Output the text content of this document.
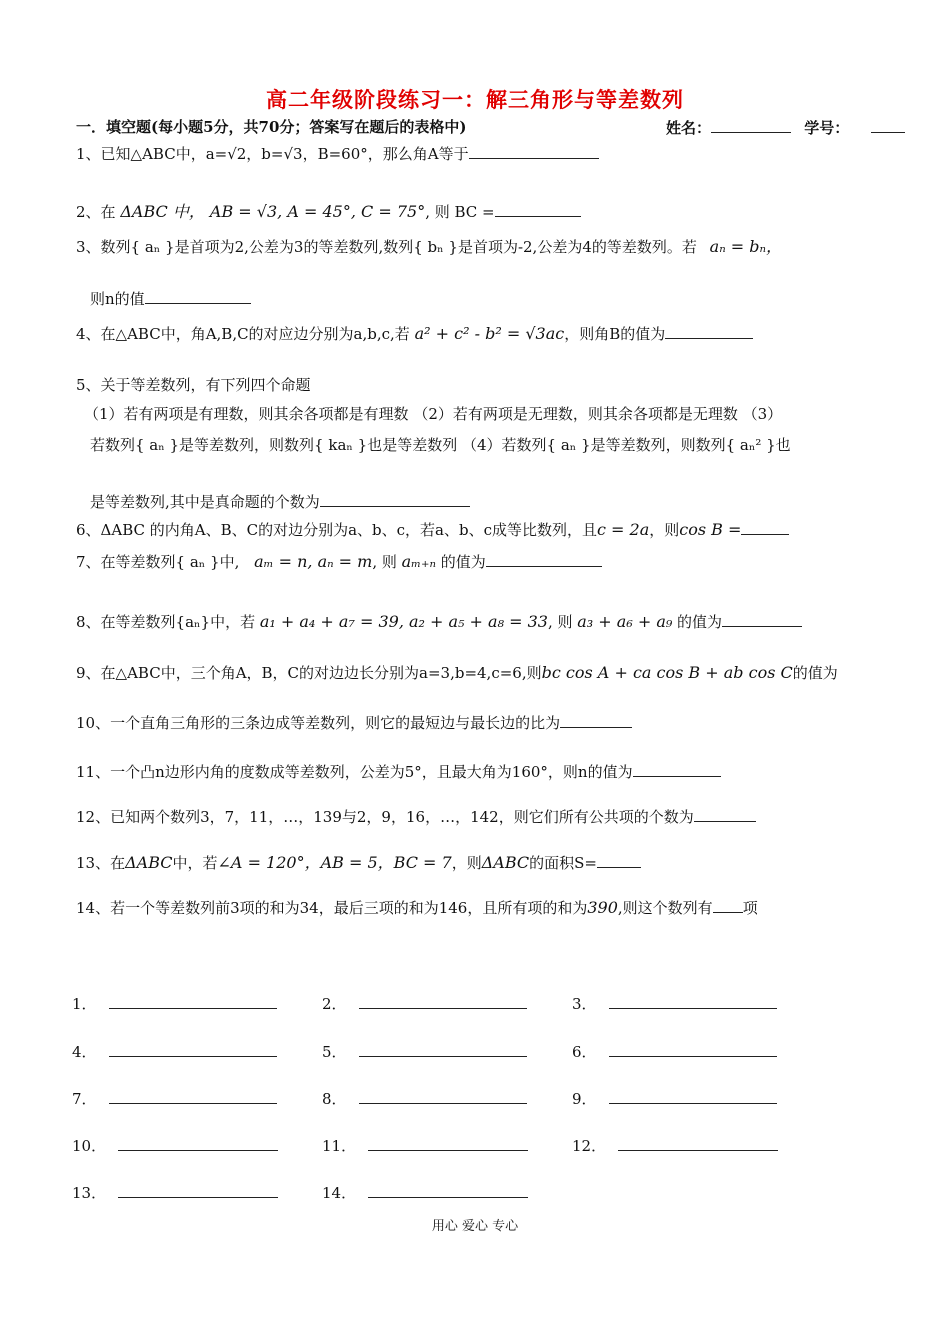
高二年级阶段练习一：解三角形与等差数列
一．填空题(每小题5分，共70分；答案写在题后的表格中)	姓名：	学号：
1、已知△ABC中，a=√2，b=√3，B=60°，那么角A等于
2、在 ΔABC 中， AB = √3, A = 45°, C = 75°, 则 BC =
3、数列{ aₙ }是首项为2,公差为3的等差数列,数列{ bₙ }是首项为-2,公差为4的等差数列。若 aₙ = bₙ，
则n的值
4、在△ABC中，角A,B,C的对应边分别为a,b,c,若 a² + c² - b² = √3ac，则角B的值为
5、关于等差数列，有下列四个命题
（1）若有两项是有理数，则其余各项都是有理数 （2）若有两项是无理数，则其余各项都是无理数 （3）
若数列{ aₙ }是等差数列，则数列{ kaₙ }也是等差数列 （4）若数列{ aₙ }是等差数列，则数列{ aₙ² }也
是等差数列,其中是真命题的个数为
6、ΔABC 的内角A、B、C的对边分别为a、b、c，若a、b、c成等比数列，且c = 2a，则cos B =
7、在等差数列{ aₙ }中, aₘ = n, aₙ = m, 则 aₘ₊ₙ 的值为
8、在等差数列{aₙ}中，若 a₁ + a₄ + a₇ = 39, a₂ + a₅ + a₈ = 33, 则 a₃ + a₆ + a₉ 的值为
9、在△ABC中，三个角A，B，C的对边边长分别为a=3,b=4,c=6,则bc cos A + ca cos B + ab cos C的值为
10、一个直角三角形的三条边成等差数列，则它的最短边与最长边的比为
11、一个凸n边形内角的度数成等差数列，公差为5°，且最大角为160°，则n的值为
12、已知两个数列3，7，11，…，139与2，9，16，…，142，则它们所有公共项的个数为
13、在ΔABC中，若∠A = 120°，AB = 5，BC = 7，则ΔABC的面积S=
14、若一个等差数列前3项的和为34，最后三项的和为146，且所有项的和为390,则这个数列有 项
1．	2．	3．
4．	5．	6．
7．	8．	9．
10．	11．	12．
13．	14．
用心 爱心 专心
